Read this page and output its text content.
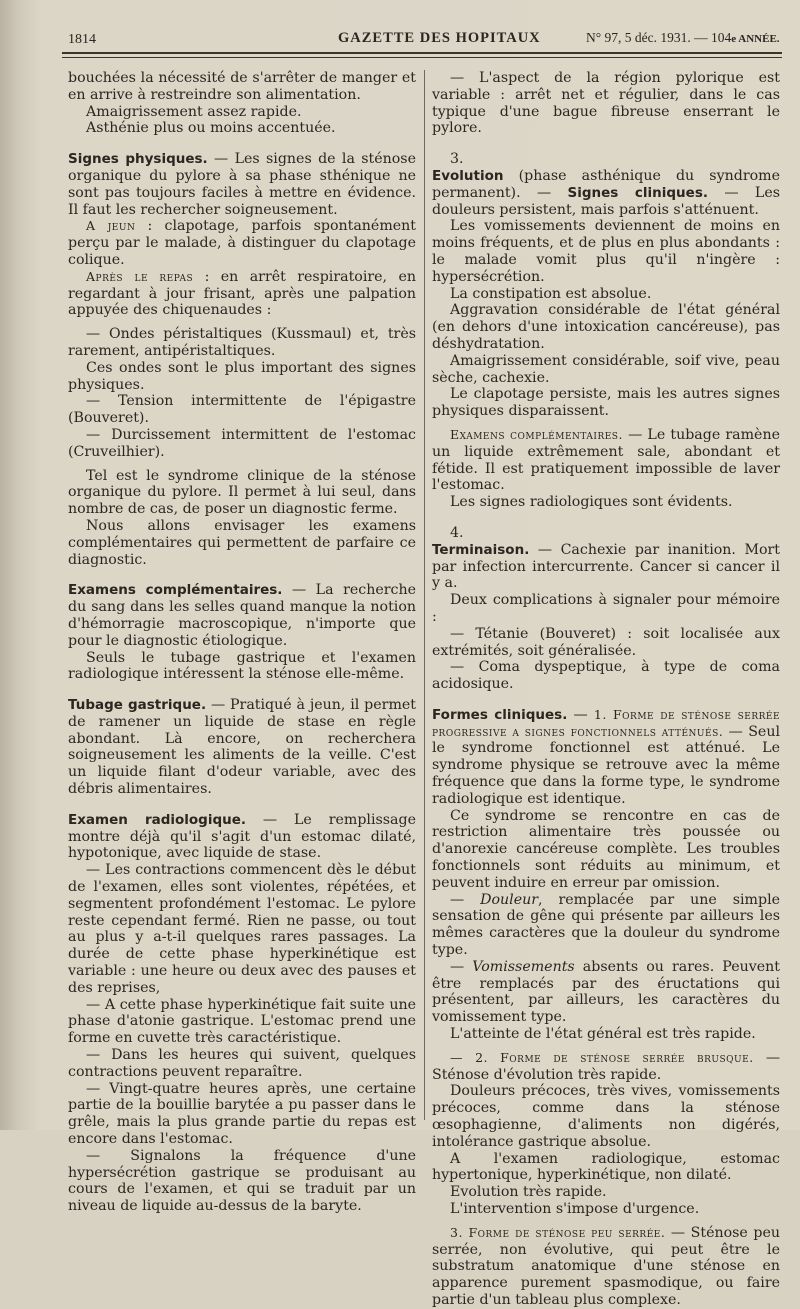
1814	GAZETTE DES HOPITAUX	N° 97, 5 déc. 1931. — 104e ANNÉE.

bouchées la nécessité de s'arrêter de manger et en arrive à restreindre son alimentation.

Amaigrissement assez rapide.

Asthénie plus ou moins accentuée.

Signes physiques. — Les signes de la sténose organique du pylore à sa phase sthénique ne sont pas toujours faciles à mettre en évidence. Il faut les rechercher soigneusement.

A jeun : clapotage, parfois spontanément perçu par le malade, à distinguer du clapotage colique.

Après le repas : en arrêt respiratoire, en regardant à jour frisant, après une palpation appuyée des chiquenaudes :

— Ondes péristaltiques (Kussmaul) et, très rarement, antipéristaltiques.

Ces ondes sont le plus important des signes physiques.

— Tension intermittente de l'épigastre (Bouveret).

— Durcissement intermittent de l'estomac (Cruveilhier).

Tel est le syndrome clinique de la sténose organique du pylore. Il permet à lui seul, dans nombre de cas, de poser un diagnostic ferme.

Nous allons envisager les examens complémentaires qui permettent de parfaire ce diagnostic.

Examens complémentaires. — La recherche du sang dans les selles quand manque la notion d'hémorragie macroscopique, n'importe que pour le diagnostic étiologique.

Seuls le tubage gastrique et l'examen radiologique intéressent la sténose elle-même.

Tubage gastrique. — Pratiqué à jeun, il permet de ramener un liquide de stase en règle abondant. Là encore, on recherchera soigneusement les aliments de la veille. C'est un liquide filant d'odeur variable, avec des débris alimentaires.

Examen radiologique. — Le remplissage montre déjà qu'il s'agit d'un estomac dilaté, hypotonique, avec liquide de stase.

— Les contractions commencent dès le début de l'examen, elles sont violentes, répétées, et segmentent profondément l'estomac. Le pylore reste cependant fermé. Rien ne passe, ou tout au plus y a-t-il quelques rares passages. La durée de cette phase hyperkinétique est variable : une heure ou deux avec des pauses et des reprises,

— A cette phase hyperkinétique fait suite une phase d'atonie gastrique. L'estomac prend une forme en cuvette très caractéristique.

— Dans les heures qui suivent, quelques contractions peuvent reparaître.

— Vingt-quatre heures après, une certaine partie de la bouillie barytée a pu passer dans le grêle, mais la plus grande partie du repas est encore dans l'estomac.

— Signalons la fréquence d'une hypersécrétion gastrique se produisant au cours de l'examen, et qui se traduit par un niveau de liquide au-dessus de la baryte.

— L'aspect de la région pylorique est variable : arrêt net et régulier, dans le cas typique d'une bague fibreuse enserrant le pylore.

3.

Evolution (phase asthénique du syndrome permanent). — Signes cliniques. — Les douleurs persistent, mais parfois s'atténuent.

Les vomissements deviennent de moins en moins fréquents, et de plus en plus abondants : le malade vomit plus qu'il n'ingère : hypersécrétion.

La constipation est absolue.

Aggravation considérable de l'état général (en dehors d'une intoxication cancéreuse), pas déshydratation.

Amaigrissement considérable, soif vive, peau sèche, cachexie.

Le clapotage persiste, mais les autres signes physiques disparaissent.

Examens complémentaires. — Le tubage ramène un liquide extrêmement sale, abondant et fétide. Il est pratiquement impossible de laver l'estomac.

Les signes radiologiques sont évidents.

4.

Terminaison. — Cachexie par inanition. Mort par infection intercurrente. Cancer si cancer il y a.

Deux complications à signaler pour mémoire :

— Tétanie (Bouveret) : soit localisée aux extrémités, soit généralisée.

— Coma dyspeptique, à type de coma acidosique.

Formes cliniques. — 1. Forme de sténose serrée progressive a signes fonctionnels atténués. — Seul le syndrome fonctionnel est atténué. Le syndrome physique se retrouve avec la même fréquence que dans la forme type, le syndrome radiologique est identique.

Ce syndrome se rencontre en cas de restriction alimentaire très poussée ou d'anorexie cancéreuse complète. Les troubles fonctionnels sont réduits au minimum, et peuvent induire en erreur par omission.

— Douleur, remplacée par une simple sensation de gêne qui présente par ailleurs les mêmes caractères que la douleur du syndrome type.

— Vomissements absents ou rares. Peuvent être remplacés par des éructations qui présentent, par ailleurs, les caractères du vomissement type.

L'atteinte de l'état général est très rapide.

— 2. Forme de sténose serrée brusque. — Sténose d'évolution très rapide.

Douleurs précoces, très vives, vomissements précoces, comme dans la sténose œsophagienne, d'aliments non digérés, intolérance gastrique absolue.

A l'examen radiologique, estomac hypertonique, hyperkinétique, non dilaté.

Evolution très rapide.

L'intervention s'impose d'urgence.

3. Forme de sténose peu serrée. — Sténose peu serrée, non évolutive, qui peut être le substratum anatomique d'une sténose en apparence purement spasmodique, ou faire partie d'un tableau plus complexe.
